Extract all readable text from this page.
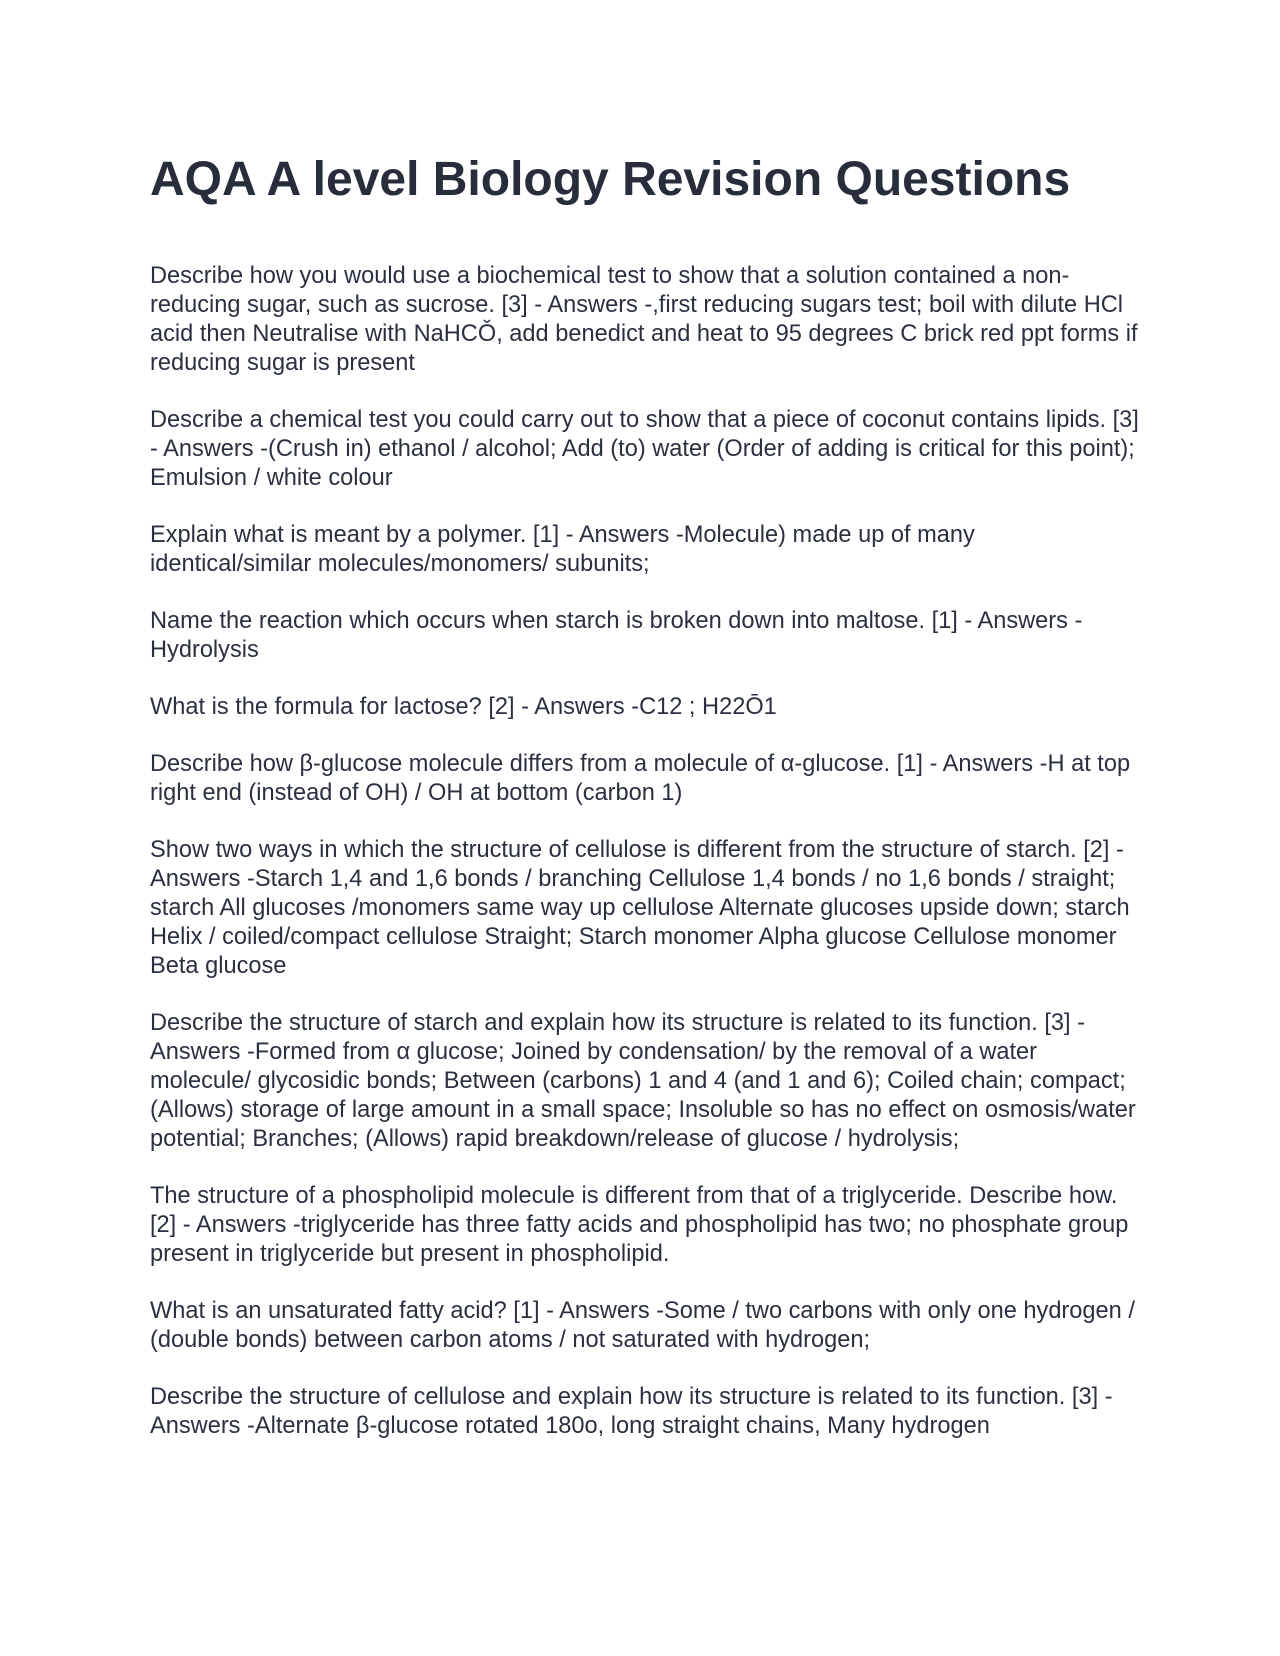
AQA A level Biology Revision Questions

Describe how you would use a biochemical test to show that a solution contained a non-reducing sugar, such as sucrose. [3] - Answers -,first reducing sugars test; boil with dilute HCl acid then Neutralise with NaHCǑ, add benedict and heat to 95 degrees C brick red ppt forms if reducing sugar is present

Describe a chemical test you could carry out to show that a piece of coconut contains lipids. [3] - Answers -(Crush in) ethanol / alcohol; Add (to) water (Order of adding is critical for this point); Emulsion / white colour

Explain what is meant by a polymer. [1] - Answers -Molecule) made up of many identical/similar molecules/monomers/ subunits;

Name the reaction which occurs when starch is broken down into maltose. [1] - Answers -Hydrolysis

What is the formula for lactose? [2] - Answers -C12 ; H22Ō1

Describe how β-glucose molecule differs from a molecule of α-glucose. [1] - Answers -H at top right end (instead of OH) / OH at bottom (carbon 1)

Show two ways in which the structure of cellulose is different from the structure of starch. [2] - Answers -Starch 1,4 and 1,6 bonds / branching Cellulose 1,4 bonds / no 1,6 bonds / straight; starch All glucoses /monomers same way up cellulose Alternate glucoses upside down; starch Helix / coiled/compact cellulose Straight; Starch monomer Alpha glucose Cellulose monomer Beta glucose

Describe the structure of starch and explain how its structure is related to its function. [3] - Answers -Formed from α glucose; Joined by condensation/ by the removal of a water molecule/ glycosidic bonds; Between (carbons) 1 and 4 (and 1 and 6); Coiled chain; compact; (Allows) storage of large amount in a small space; Insoluble so has no effect on osmosis/water potential; Branches; (Allows) rapid breakdown/release of glucose / hydrolysis;

The structure of a phospholipid molecule is different from that of a triglyceride. Describe how. [2] - Answers -triglyceride has three fatty acids and phospholipid has two; no phosphate group present in triglyceride but present in phospholipid.

What is an unsaturated fatty acid? [1] - Answers -Some / two carbons with only one hydrogen / (double bonds) between carbon atoms / not saturated with hydrogen;

Describe the structure of cellulose and explain how its structure is related to its function. [3] - Answers -Alternate β-glucose rotated 180o, long straight chains, Many hydrogen
